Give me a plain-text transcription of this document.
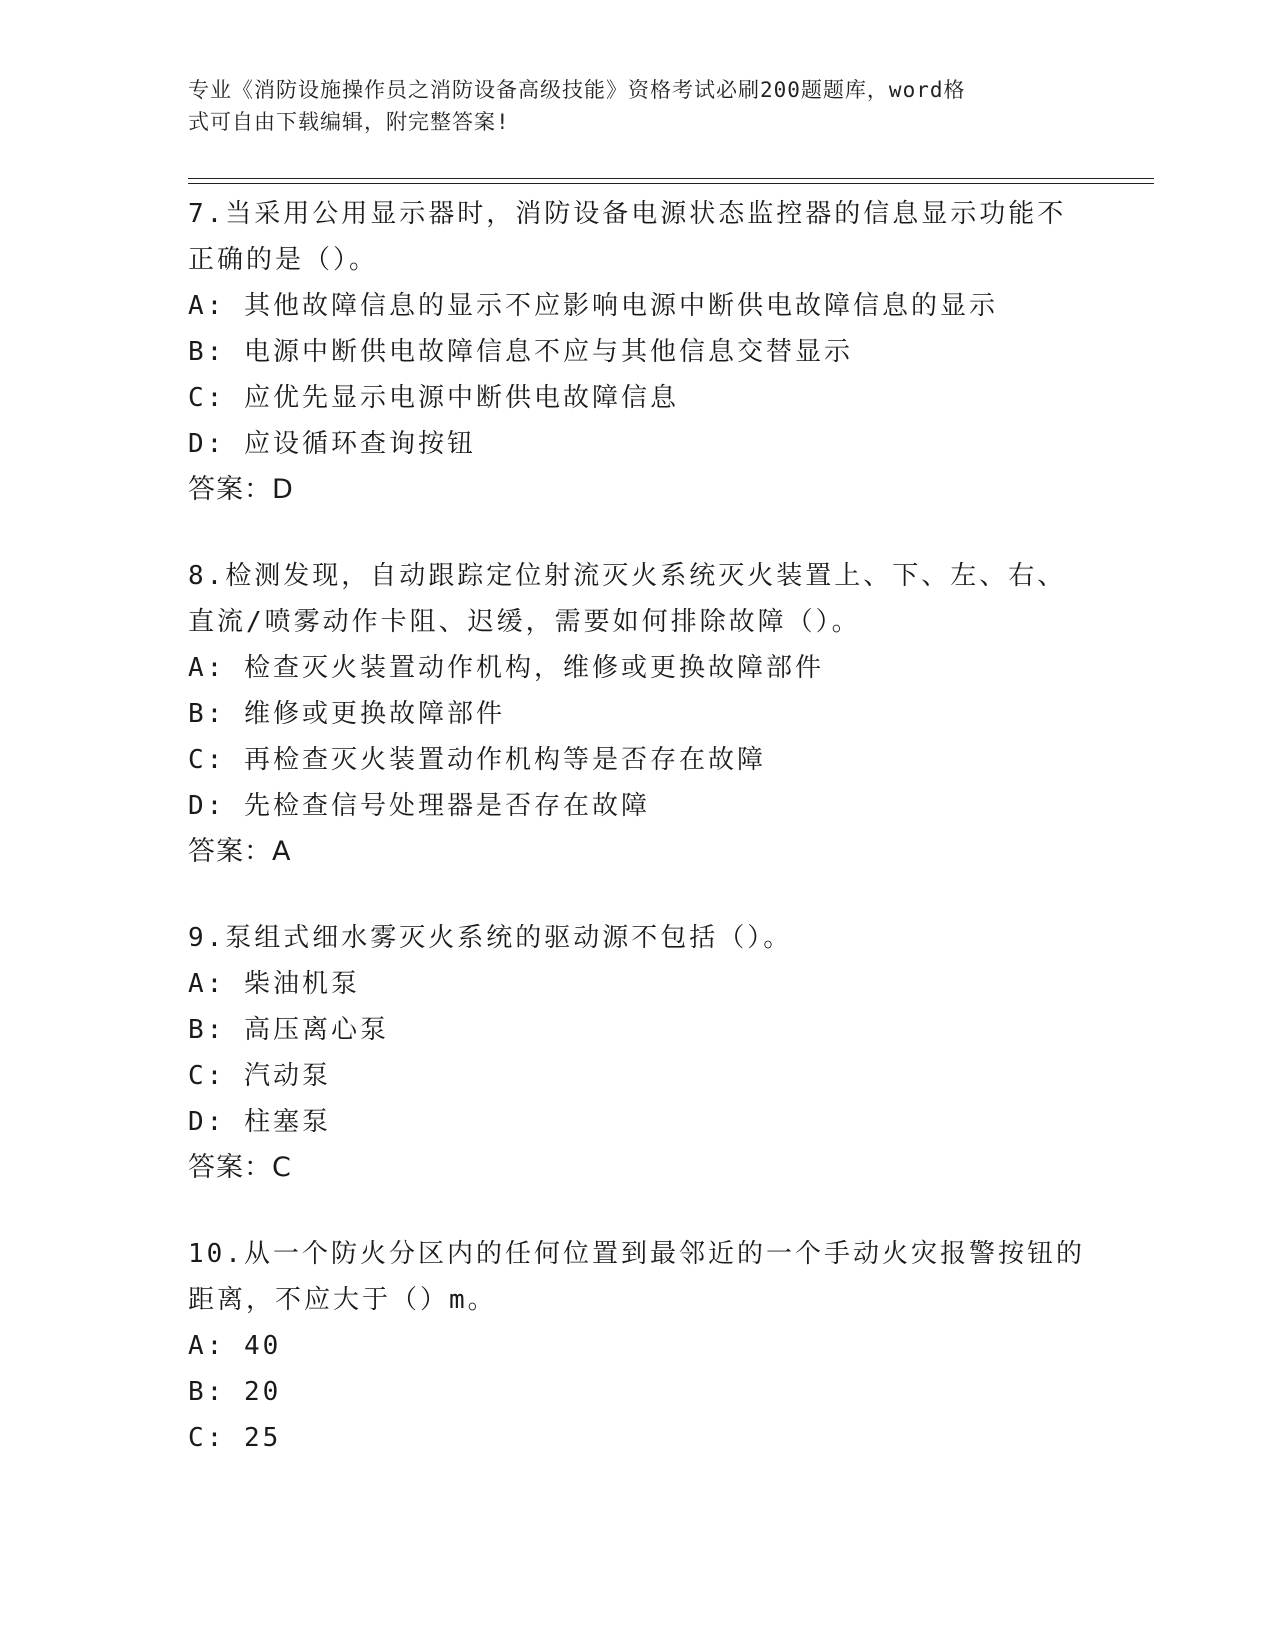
专业《消防设施操作员之消防设备高级技能》资格考试必刷200题题库，word格
式可自由下载编辑，附完整答案!
7.当采用公用显示器时，消防设备电源状态监控器的信息显示功能不
正确的是（）。
A: 其他故障信息的显示不应影响电源中断供电故障信息的显示
B: 电源中断供电故障信息不应与其他信息交替显示
C: 应优先显示电源中断供电故障信息
D: 应设循环查询按钮
答案：D
8.检测发现，自动跟踪定位射流灭火系统灭火装置上、下、左、右、
直流/喷雾动作卡阻、迟缓，需要如何排除故障（）。
A: 检查灭火装置动作机构，维修或更换故障部件
B: 维修或更换故障部件
C: 再检查灭火装置动作机构等是否存在故障
D: 先检查信号处理器是否存在故障
答案：A
9.泵组式细水雾灭火系统的驱动源不包括（）。
A: 柴油机泵
B: 高压离心泵
C: 汽动泵
D: 柱塞泵
答案：C
10.从一个防火分区内的任何位置到最邻近的一个手动火灾报警按钮的
距离，不应大于（）m。
A: 40
B: 20
C: 25
